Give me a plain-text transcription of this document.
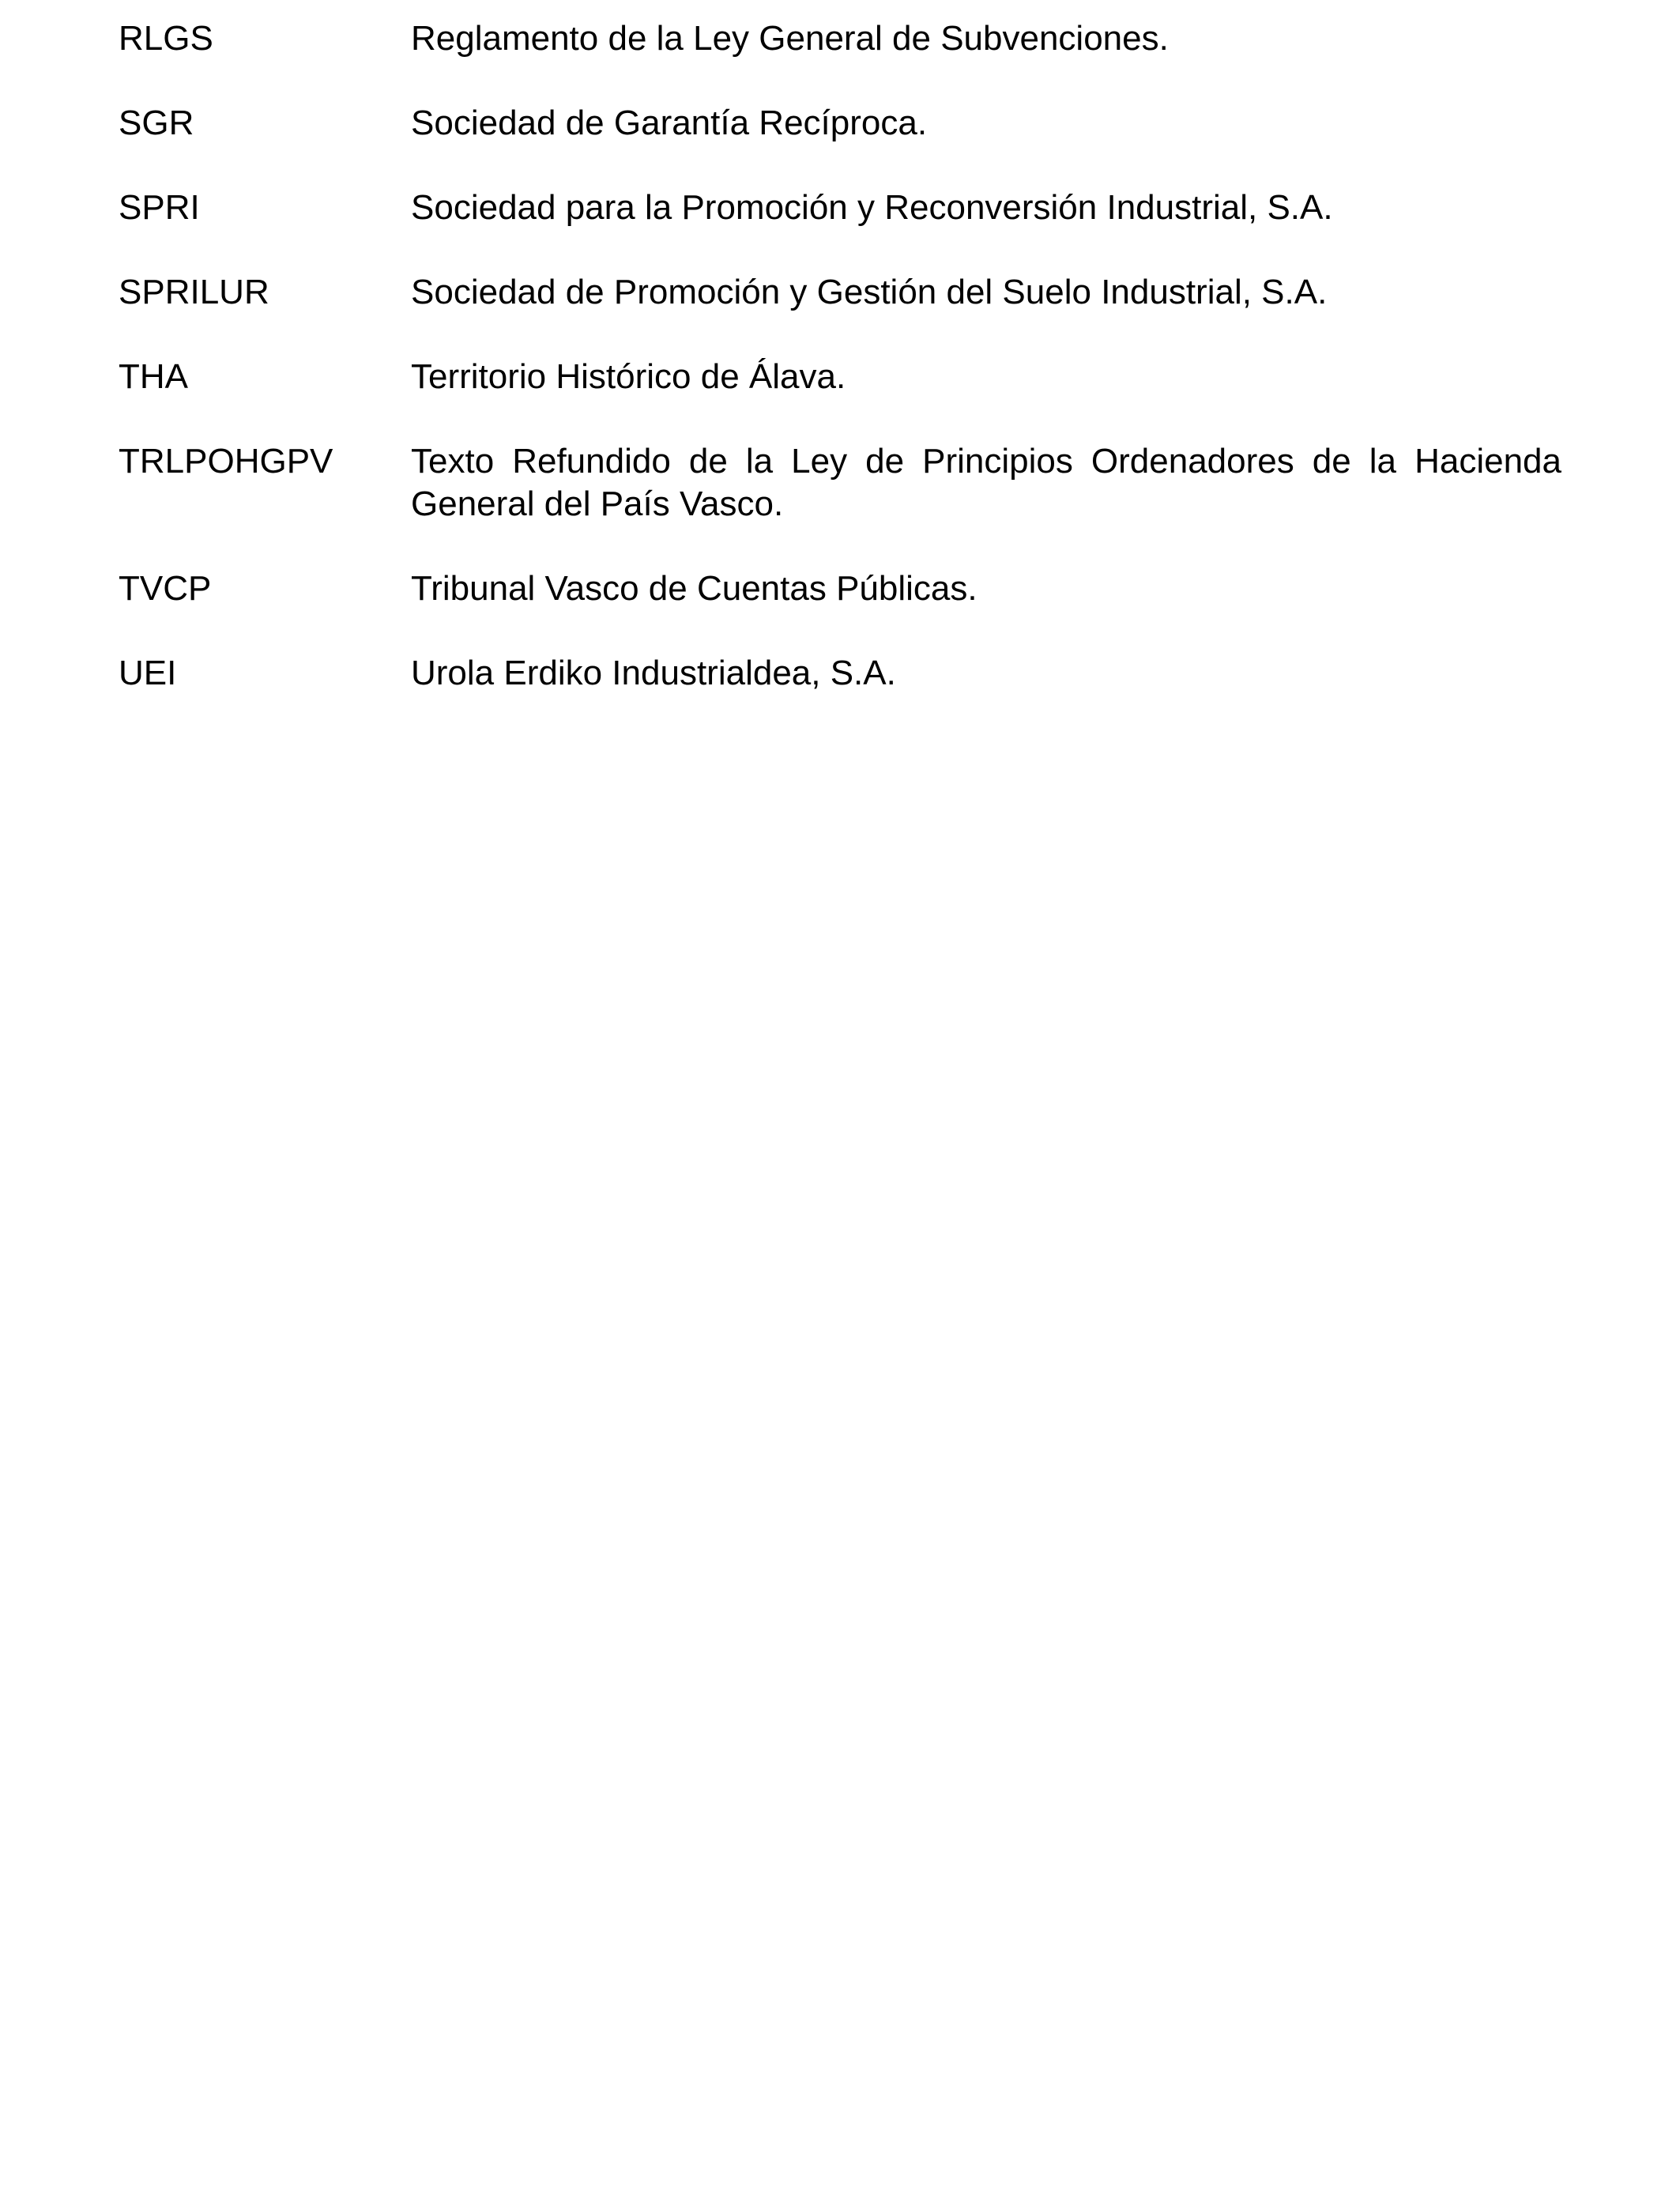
RLGS	Reglamento de la Ley General de Subvenciones.
SGR	Sociedad de Garantía Recíproca.
SPRI	Sociedad para la Promoción y Reconversión Industrial, S.A.
SPRILUR	Sociedad de Promoción y Gestión del Suelo Industrial, S.A.
THA	Territorio Histórico de Álava.
TRLPOHGPV	Texto Refundido de la Ley de Principios Ordenadores de la Hacienda General del País Vasco.
TVCP	Tribunal Vasco de Cuentas Públicas.
UEI	Urola Erdiko Industrialdea, S.A.
